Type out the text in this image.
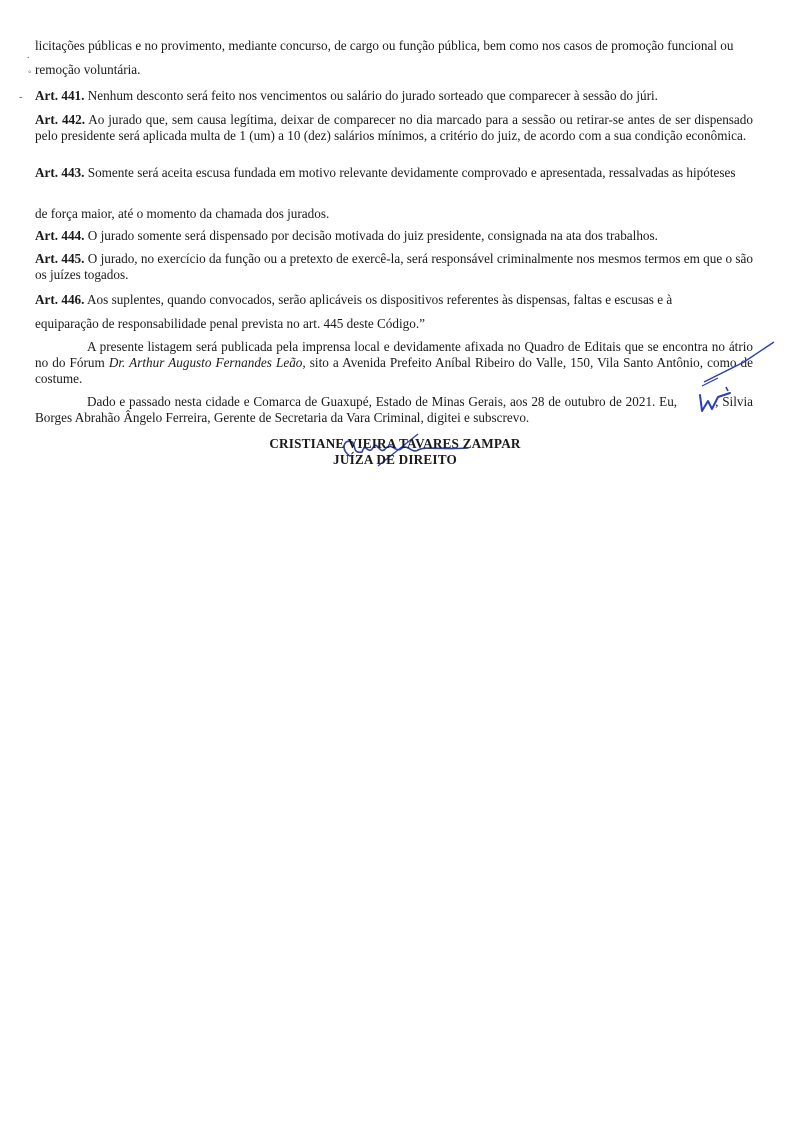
.
◦
-

licitações públicas e no provimento, mediante concurso, de cargo ou função pública, bem como nos casos de promoção funcional ou

remoção voluntária.

Art. 441. Nenhum desconto será feito nos vencimentos ou salário do jurado sorteado que comparecer à sessão do júri.

Art. 442. Ao jurado que, sem causa legítima, deixar de comparecer no dia marcado para a sessão ou retirar-se antes de ser dispensado pelo presidente será aplicada multa de 1 (um) a 10 (dez) salários mínimos, a critério do juiz, de acordo com a sua condição econômica.

Art. 443. Somente será aceita escusa fundada em motivo relevante devidamente comprovado e apresentada, ressalvadas as hipóteses

de força maior, até o momento da chamada dos jurados.

Art. 444. O jurado somente será dispensado por decisão motivada do juiz presidente, consignada na ata dos trabalhos.

Art. 445. O jurado, no exercício da função ou a pretexto de exercê-la, será responsável criminalmente nos mesmos termos em que o são os juízes togados.

Art. 446. Aos suplentes, quando convocados, serão aplicáveis os dispositivos referentes às dispensas, faltas e escusas e à

equiparação de responsabilidade penal prevista no art. 445 deste Código.”

A presente listagem será publicada pela imprensa local e devidamente afixada no Quadro de Editais que se encontra no átrio no do Fórum Dr. Arthur Augusto Fernandes Leão, sito a Avenida Prefeito Aníbal Ribeiro do Valle, 150, Vila Santo Antônio, como de costume.

Dado e passado nesta cidade e Comarca de Guaxupé, Estado de Minas Gerais, aos 28 de outubro de 2021. Eu,          , Silvia Borges Abrahão Ângelo Ferreira, Gerente de Secretaria da Vara Criminal, digitei e subscrevo.

CRISTIANE VIEIRA TAVARES ZAMPAR
JUÍZA DE DIREITO
